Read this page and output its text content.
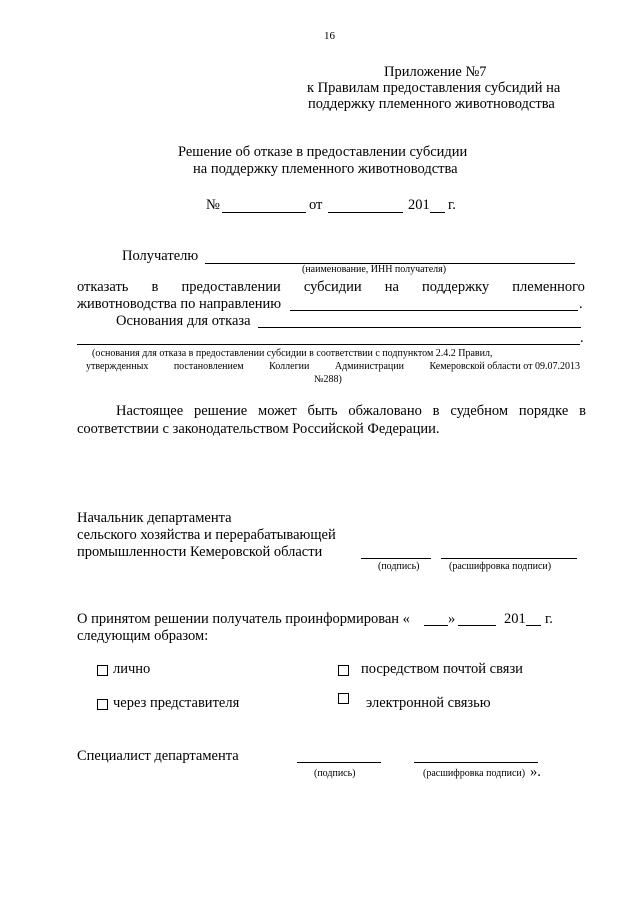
16
Приложение №7
к Правилам предоставления субсидий на
поддержку племенного животноводства
Решение об отказе в предоставлении субсидии
на поддержку племенного животноводства
№	от	201 г.
Получателю
(наименование, ИНН получателя)
отказать в предоставлении субсидии на поддержку племенного
животноводства по направлению	.
Основания для отказа
.
(основания для отказа в предоставлении субсидии в соответствии с подпунктом 2.4.2 Правил,
утвержденных	постановлением	Коллегии	Администрации	Кемеровской области от 09.07.2013
№288)
Настоящее решение может быть обжаловано в судебном порядке в
соответствии с законодательством Российской Федерации.
Начальник департамента
сельского хозяйства и перерабатывающей
промышленности Кемеровской области
(подпись)	(расшифровка подписи)
О принятом решении получатель проинформирован «	»	201 г.
следующим образом:
лично	посредством почтой связи
через представителя	электронной связью
Специалист департамента
(подпись)	(расшифровка подписи) ».
